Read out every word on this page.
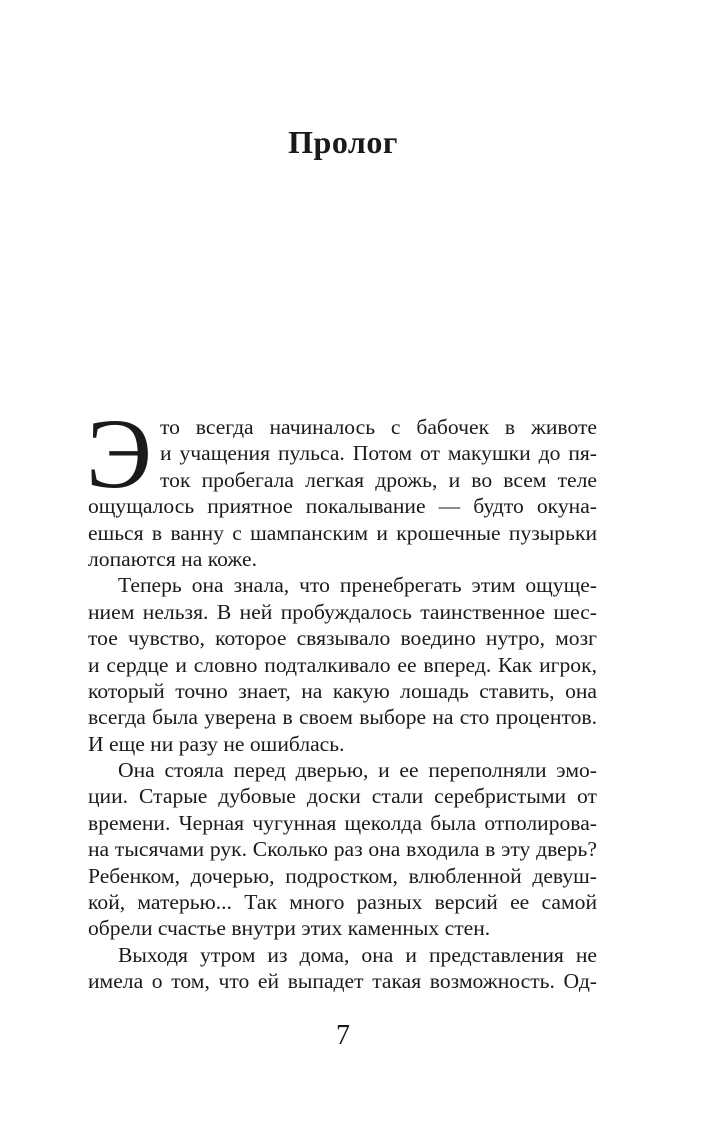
Пролог
Э то всегда начиналось с бабочек в животе
и учащения пульса. Потом от макушки до пя-
ток пробегала легкая дрожь, и во всем теле
ощущалось приятное покалывание — будто окуна-
ешься в ванну с шампанским и крошечные пузырьки
лопаются на коже.
Теперь она знала, что пренебрегать этим ощуще-
нием нельзя. В ней пробуждалось таинственное шес-
тое чувство, которое связывало воедино нутро, мозг
и сердце и словно подталкивало ее вперед. Как игрок,
который точно знает, на какую лошадь ставить, она
всегда была уверена в своем выборе на сто процентов.
И еще ни разу не ошиблась.
Она стояла перед дверью, и ее переполняли эмо-
ции. Старые дубовые доски стали серебристыми от
времени. Черная чугунная щеколда была отполирова-
на тысячами рук. Сколько раз она входила в эту дверь?
Ребенком, дочерью, подростком, влюбленной девуш-
кой, матерью... Так много разных версий ее самой
обрели счастье внутри этих каменных стен.
Выходя утром из дома, она и представления не
имела о том, что ей выпадет такая возможность. Од-
7
